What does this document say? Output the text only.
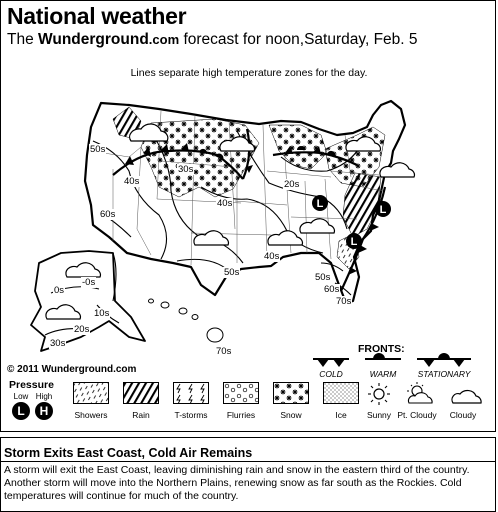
L	L
L
National weather
The Wunderground.com forecast for noon,Saturday, Feb. 5
Lines separate high temperature zones for the day.
50s
40s
30s
60s
40s
20s
40s
50s	50s
60s
70s
0s
-0s
10s
20s
30s
70s
© 2011 Wunderground.com
FRONTS:
COLD	WARM	STATIONARY
Pressure
Low High
L	H	Showers	Rain	T-storms	Flurries	Snow	Ice	Sunny Pt. Cloudy	Cloudy
Storm Exits East Coast, Cold Air Remains
A storm will exit the East Coast, leaving diminishing rain and snow in the eastern third of the country. Another storm will move into the Northern Plains, renewing snow as far south as the Rockies. Cold temperatures will continue for much of the country.
